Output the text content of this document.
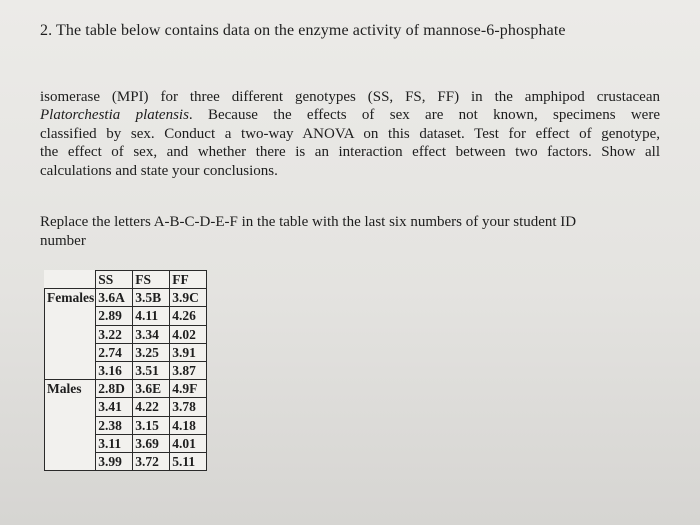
2. The table below contains data on the enzyme activity of mannose-6-phosphate
isomerase (MPI) for three different genotypes (SS, FS, FF) in the amphipod crustacean
Platorchestia platensis. Because the effects of sex are not known, specimens were
classified by sex. Conduct a two-way ANOVA on this dataset. Test for effect of genotype,
the effect of sex, and whether there is an interaction effect between two factors. Show all
calculations and state your conclusions.
Replace the letters A-B-C-D-E-F in the table with the last six numbers of your student ID
number
	SS	FS	FF
Females	3.6A	3.5B	3.9C
	2.89	4.11	4.26
	3.22	3.34	4.02
	2.74	3.25	3.91
	3.16	3.51	3.87
Males	2.8D	3.6E	4.9F
	3.41	4.22	3.78
	2.38	3.15	4.18
	3.11	3.69	4.01
	3.99	3.72	5.11
